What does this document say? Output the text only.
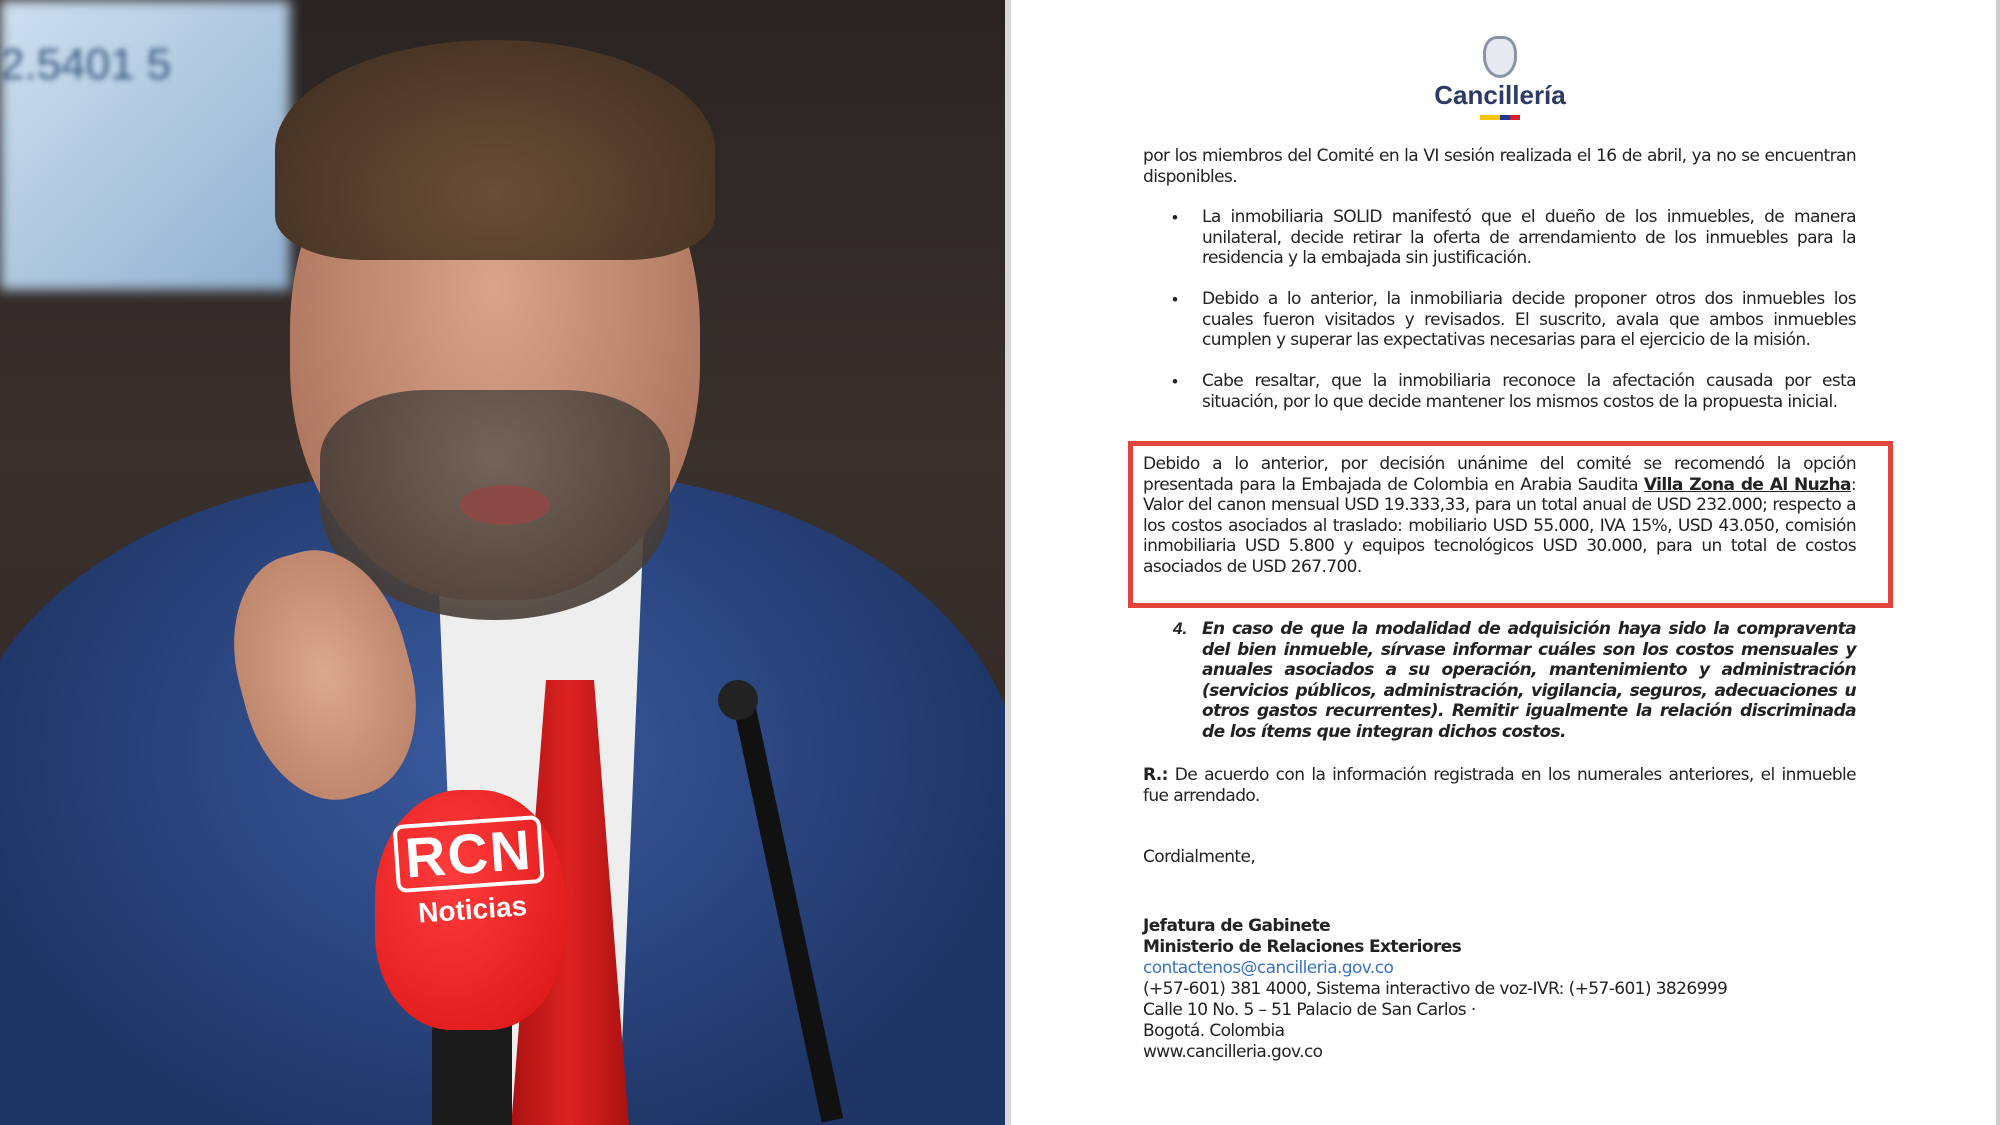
2.5401 5
RCN
Noticias
Cancillería
por los miembros del Comité en la VI sesión realizada el 16 de abril, ya no se encuentran disponibles.
• La inmobiliaria SOLID manifestó que el dueño de los inmuebles, de manera unilateral, decide retirar la oferta de arrendamiento de los inmuebles para la residencia y la embajada sin justificación.
• Debido a lo anterior, la inmobiliaria decide proponer otros dos inmuebles los cuales fueron visitados y revisados. El suscrito, avala que ambos inmuebles cumplen y superar las expectativas necesarias para el ejercicio de la misión.
• Cabe resaltar, que la inmobiliaria reconoce la afectación causada por esta situación, por lo que decide mantener los mismos costos de la propuesta inicial.
Debido a lo anterior, por decisión unánime del comité se recomendó la opción presentada para la Embajada de Colombia en Arabia Saudita Villa Zona de Al Nuzha: Valor del canon mensual USD 19.333,33, para un total anual de USD 232.000; respecto a los costos asociados al traslado: mobiliario USD 55.000, IVA 15%, USD 43.050, comisión inmobiliaria USD 5.800 y equipos tecnológicos USD 30.000, para un total de costos asociados de USD 267.700.
4. En caso de que la modalidad de adquisición haya sido la compraventa del bien inmueble, sírvase informar cuáles son los costos mensuales y anuales asociados a su operación, mantenimiento y administración (servicios públicos, administración, vigilancia, seguros, adecuaciones u otros gastos recurrentes). Remitir igualmente la relación discriminada de los ítems que integran dichos costos.
R.: De acuerdo con la información registrada en los numerales anteriores, el inmueble fue arrendado.
Cordialmente,
Jefatura de Gabinete
Ministerio de Relaciones Exteriores
contactenos@cancilleria.gov.co
(+57-601) 381 4000, Sistema interactivo de voz-IVR: (+57-601) 3826999
Calle 10 No. 5 – 51 Palacio de San Carlos ·
Bogotá. Colombia
www.cancilleria.gov.co
